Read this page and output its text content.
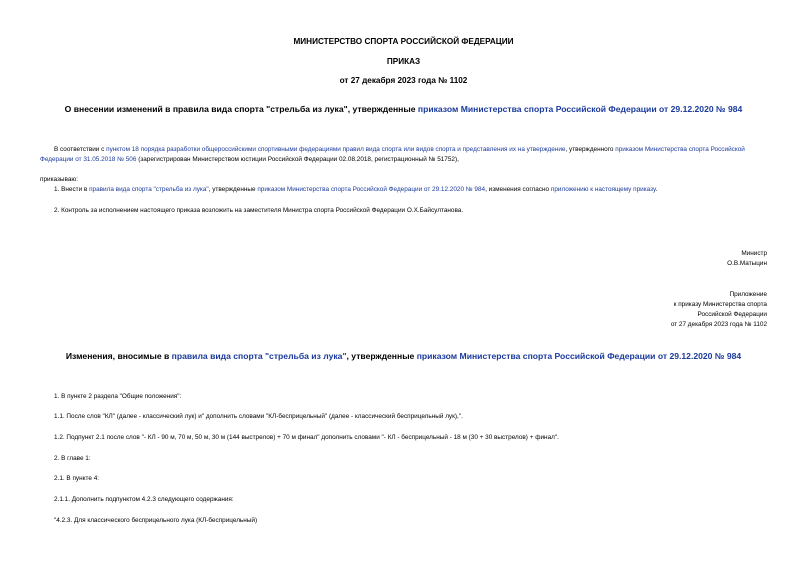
МИНИСТЕРСТВО СПОРТА РОССИЙСКОЙ ФЕДЕРАЦИИ
ПРИКАЗ
от 27 декабря 2023 года № 1102
О внесении изменений в правила вида спорта "стрельба из лука", утвержденные приказом Министерства спорта Российской Федерации от 29.12.2020 № 984
В соответствии с пунктом 18 порядка разработки общероссийскими спортивными федерациями правил вида спорта или видов спорта и представления их на утверждение, утвержденного приказом Министерства спорта Российской Федерации от 31.05.2018 № 506 (зарегистрирован Министерством юстиции Российской Федерации 02.08.2018, регистрационный № 51752),
приказываю:
1. Внести в правила вида спорта "стрельба из лука", утвержденные приказом Министерства спорта Российской Федерации от 29.12.2020 № 984, изменения согласно приложению к настоящему приказу.
2. Контроль за исполнением настоящего приказа возложить на заместителя Министра спорта Российской Федерации О.Х.Байсултанова.
Министр
О.В.Матыцин
Приложение
к приказу Министерства спорта
Российской Федерации
от 27 декабря 2023 года № 1102
Изменения, вносимые в правила вида спорта "стрельба из лука", утвержденные приказом Министерства спорта Российской Федерации от 29.12.2020 № 984
1. В пункте 2 раздела "Общие положения":
1.1. После слов "КЛ" (далее - классический лук) и" дополнить словами "КЛ-бесприцельный" (далее - классический бесприцельный лук),".
1.2. Подпункт 2.1 после слов "- КЛ - 90 м, 70 м, 50 м, 30 м (144 выстрелов) + 70 м финал" дополнить словами "- КЛ - бесприцельный - 18 м (30 + 30 выстрелов) + финал".
2. В главе 1:
2.1. В пункте 4:
2.1.1. Дополнить подпунктом 4.2.3 следующего содержания:
"4.2.3. Для классического бесприцельного лука (КЛ-бесприцельный)
